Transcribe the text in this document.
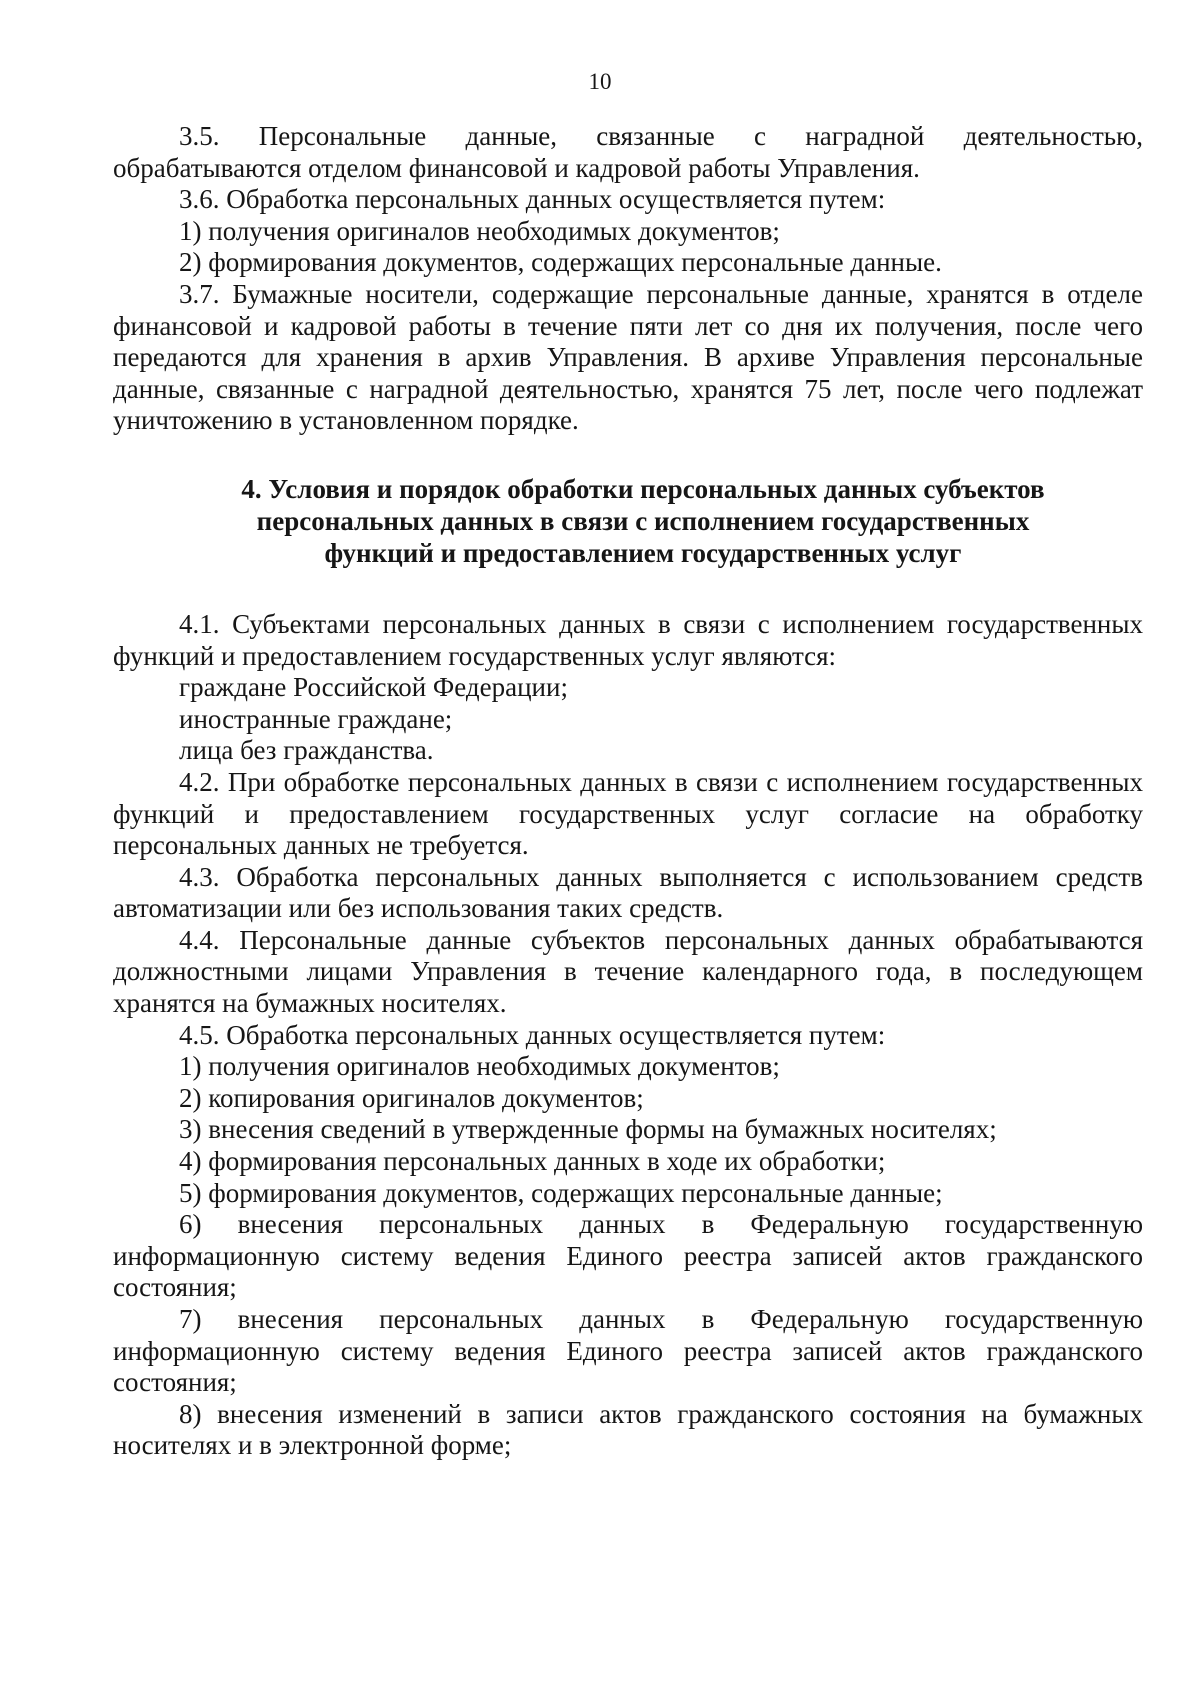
10

3.5. Персональные данные, связанные с наградной деятельностью, обрабатываются отделом финансовой и кадровой работы Управления.

3.6. Обработка персональных данных осуществляется путем:

1) получения оригиналов необходимых документов;

2) формирования документов, содержащих персональные данные.

3.7. Бумажные носители, содержащие персональные данные, хранятся в отделе финансовой и кадровой работы в течение пяти лет со дня их получения, после чего передаются для хранения в архив Управления. В архиве Управления персональные данные, связанные с наградной деятельностью, хранятся 75 лет, после чего подлежат уничтожению в установленном порядке.

4. Условия и порядок обработки персональных данных субъектов
персональных данных в связи с исполнением государственных
функций и предоставлением государственных услуг

4.1. Субъектами персональных данных в связи с исполнением государственных функций и предоставлением государственных услуг являются:

граждане Российской Федерации;

иностранные граждане;

лица без гражданства.

4.2. При обработке персональных данных в связи с исполнением государственных функций и предоставлением государственных услуг согласие на обработку персональных данных не требуется.

4.3. Обработка персональных данных выполняется с использованием средств автоматизации или без использования таких средств.

4.4. Персональные данные субъектов персональных данных обрабатываются должностными лицами Управления в течение календарного года, в последующем хранятся на бумажных носителях.

4.5. Обработка персональных данных осуществляется путем:

1) получения оригиналов необходимых документов;

2) копирования оригиналов документов;

3) внесения сведений в утвержденные формы на бумажных носителях;

4) формирования персональных данных в ходе их обработки;

5) формирования документов, содержащих персональные данные;

6) внесения персональных данных в Федеральную государственную информационную систему ведения Единого реестра записей актов гражданского состояния;

7) внесения персональных данных в Федеральную государственную информационную систему ведения Единого реестра записей актов гражданского состояния;

8) внесения изменений в записи актов гражданского состояния на бумажных носителях и в электронной форме;
